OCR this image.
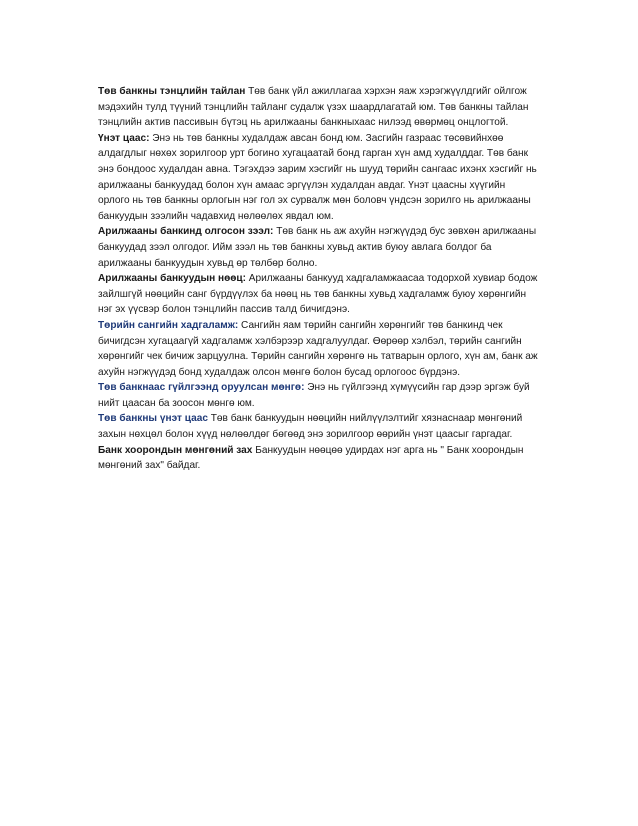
Төв банкны тэнцлийн тайлан Төв банк үйл ажиллагаа хэрхэн яаж хэрэгжүүлдгийг ойлгож мэдэхийн тулд түүний тэнцлийн тайланг судалж үзэх шаардлагатай юм. Төв банкны тайлан тэнцлийн актив пассивын бүтэц нь арилжааны банкныхаас нилээд өвөрмөц онцлогтой.

Үнэт цаас: Энэ нь төв банкны худалдаж авсан бонд юм. Засгийн газраас төсөвийнхөө алдагдлыг нөхөх зорилгоор урт богино хугацаатай бонд гарган хүн амд худалддаг. Төв банк энэ бондоос худалдан авна. Тэгэхдээ зарим хэсгийг нь шууд төрийн сангаас ихэнх хэсгийг нь арилжааны банкуудад болон хүн амаас эргүүлэн худалдан авдаг. Үнэт цаасны хүүгийн орлого нь төв банкны орлогын нэг гол эх сурвалж мөн боловч үндсэн зорилго нь арилжааны банкуудын зээлийн чадавхид нөлөөлөх явдал юм.

Арилжааны банкинд олгосон зээл: Төв банк нь аж ахуйн нэгжүүдэд бус зөвхөн арилжааны банкуудад зээл олгодог. Ийм зээл нь төв банкны хувьд актив буюу авлага болдог ба арилжааны банкуудын хувьд өр төлбөр болно.

Арилжааны банкуудын нөөц: Арилжааны банкууд хадгаламжаасаа тодорхой хувиар бодож зайлшгүй нөөцийн санг бүрдүүлэх ба нөөц нь төв банкны хувьд хадгаламж буюу хөрөнгийн нэг эх үүсвэр болон тэнцлийн пассив талд бичигдэнэ.

Төрийн сангийн хадгаламж: Сангийн яам төрийн сангийн хөрөнгийг төв банкинд чек бичигдсэн хугацаагүй хадгаламж хэлбэрээр хадгалуулдаг. Өөрөөр хэлбэл, төрийн сангийн хөрөнгийг чек бичиж зарцуулна. Төрийн сангийн хөрөнгө нь татварын орлого, хүн ам, банк аж ахуйн нэгжүүдэд бонд худалдаж олсон мөнгө болон бусад орлогоос бүрдэнэ.

Төв банкнаас гүйлгээнд оруулсан мөнгө: Энэ нь гүйлгээнд хүмүүсийн гар дээр эргэж буй нийт цаасан ба зоосон мөнгө юм.

Төв банкны үнэт цаас Төв банк банкуудын нөөцийн нийлүүлэлтийг хязнаснаар мөнгөний захын нөхцөл болон хүүд нөлөөлдөг бөгөөд энэ зорилгоор өөрийн үнэт цаасыг гаргадаг.

Банк хоорондын мөнгөний зах Банкуудын нөөцөө удирдах нэг арга нь " Банк хоорондын мөнгөний зах" байдаг.
